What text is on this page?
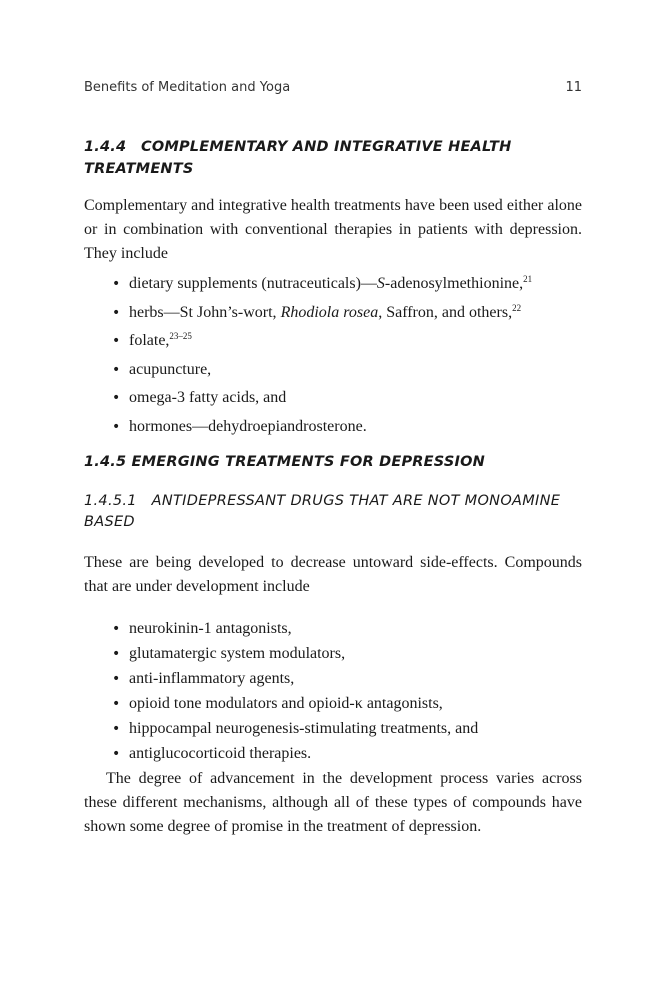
Benefits of Meditation and Yoga	11
1.4.4 COMPLEMENTARY AND INTEGRATIVE HEALTH TREATMENTS

Complementary and integrative health treatments have been used either alone or in combination with conventional therapies in patients with depression. They include

• dietary supplements (nutraceuticals)—S-adenosylmethionine,$^{21}$
• herbs—St John’s-wort, Rhodiola rosea, Saffron, and others,$^{22}$
• folate,$^{23-25}$
• acupuncture,
• omega-3 fatty acids, and
• hormones—dehydroepiandrosterone.
1.4.5 EMERGING TREATMENTS FOR DEPRESSION
1.4.5.1 ANTIDEPRESSANT DRUGS THAT ARE NOT MONOAMINE BASED

These are being developed to decrease untoward side-effects. Compounds that are under development include

• neurokinin-1 antagonists,
• glutamatergic system modulators,
• anti-inflammatory agents,
• opioid tone modulators and opioid-κ antagonists,
• hippocampal neurogenesis-stimulating treatments, and
• antiglucocorticoid therapies.

The degree of advancement in the development process varies across these different mechanisms, although all of these types of compounds have shown some degree of promise in the treatment of depression.
